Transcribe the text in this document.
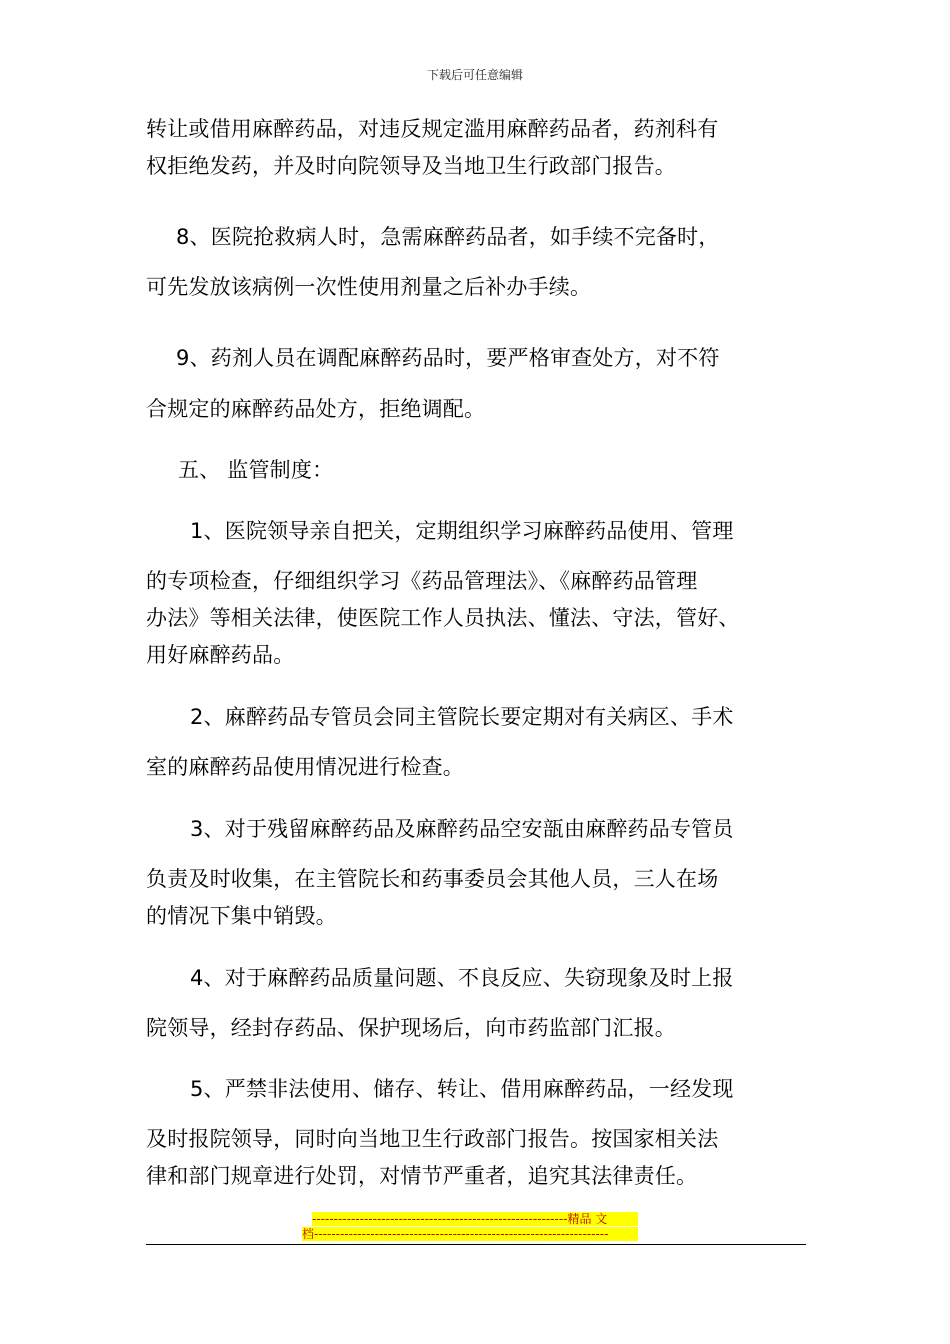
下载后可任意编辑
转让或借用麻醉药品，对违反规定滥用麻醉药品者，药剂科有
权拒绝发药，并及时向院领导及当地卫生行政部门报告。
8、医院抢救病人时，急需麻醉药品者，如手续不完备时，
可先发放该病例一次性使用剂量之后补办手续。
9、药剂人员在调配麻醉药品时，要严格审查处方，对不符
合规定的麻醉药品处方，拒绝调配。
五、 监管制度：
1、医院领导亲自把关，定期组织学习麻醉药品使用、管理
的专项检查，仔细组织学习《药品管理法》、《麻醉药品管理
办法》等相关法律，使医院工作人员执法、懂法、守法，管好、
用好麻醉药品。
2、麻醉药品专管员会同主管院长要定期对有关病区、手术
室的麻醉药品使用情况进行检查。
3、对于残留麻醉药品及麻醉药品空安瓿由麻醉药品专管员
负责及时收集，在主管院长和药事委员会其他人员，三人在场
的情况下集中销毁。
4、对于麻醉药品质量问题、不良反应、失窃现象及时上报
院领导，经封存药品、保护现场后，向市药监部门汇报。
5、严禁非法使用、储存、转让、借用麻醉药品，一经发现
及时报院领导，同时向当地卫生行政部门报告。按国家相关法
律和部门规章进行处罚，对情节严重者，追究其法律责任。
-----------------------------------------------------------精品 文
档--------------------------------------------------------------------
